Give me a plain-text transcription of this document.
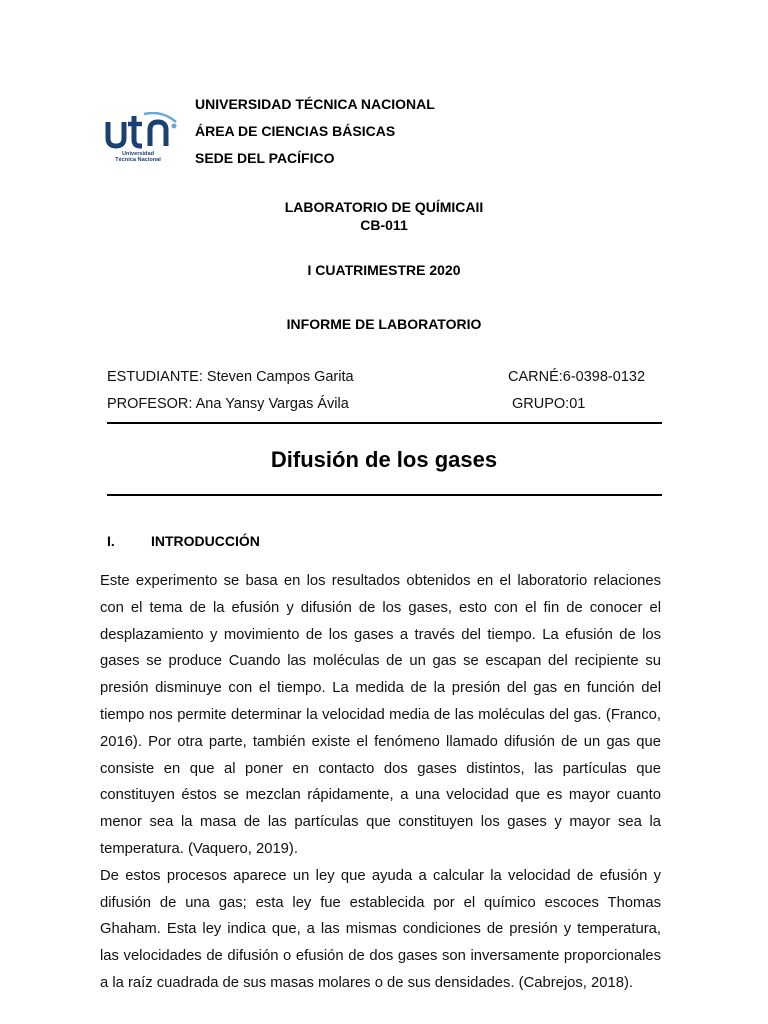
Universidad
Técnica Nacional
UNIVERSIDAD TÉCNICA NACIONAL
ÁREA DE CIENCIAS BÁSICAS
SEDE DEL PACÍFICO
LABORATORIO DE QUÍMICAII
CB-011
I CUATRIMESTRE 2020
INFORME DE LABORATORIO
ESTUDIANTE: Steven Campos Garita	CARNÉ:6-0398-0132
PROFESOR: Ana Yansy Vargas Ávila	GRUPO:01
Difusión de los gases
I.	INTRODUCCIÓN
Este experimento se basa en los resultados obtenidos en el laboratorio relaciones
con el tema de la efusión y difusión de los gases, esto con el fin de conocer el
desplazamiento y movimiento de los gases a través del tiempo. La efusión de los
gases se produce Cuando las moléculas de un gas se escapan del recipiente su
presión disminuye con el tiempo. La medida de la presión del gas en función del
tiempo nos permite determinar la velocidad media de las moléculas del gas. (Franco,
2016). Por otra parte, también existe el fenómeno llamado difusión de un gas que
consiste en que al poner en contacto dos gases distintos, las partículas que
constituyen éstos se mezclan rápidamente, a una velocidad que es mayor cuanto
menor sea la masa de las partículas que constituyen los gases y mayor sea la
temperatura. (Vaquero, 2019).
De estos procesos aparece un ley que ayuda a calcular la velocidad de efusión y
difusión de una gas; esta ley fue establecida por el químico escoces Thomas
Ghaham. Esta ley indica que, a las mismas condiciones de presión y temperatura,
las velocidades de difusión o efusión de dos gases son inversamente proporcionales
a la raíz cuadrada de sus masas molares o de sus densidades. (Cabrejos, 2018).
